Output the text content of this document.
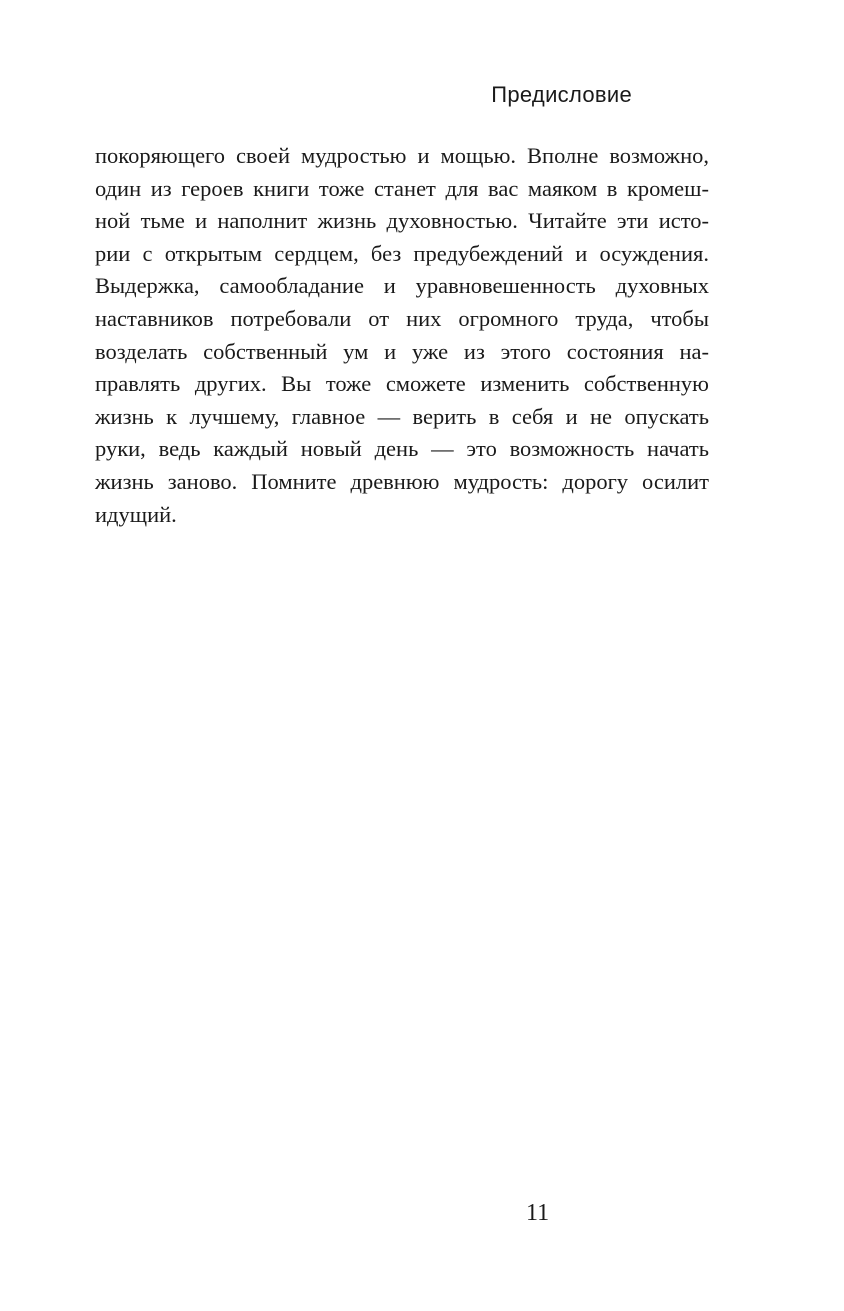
Предисловие
покоряющего своей мудростью и мощью. Вполне возможно,
один из героев книги тоже станет для вас маяком в кромеш-
ной тьме и наполнит жизнь духовностью. Читайте эти исто-
рии с открытым сердцем, без предубеждений и осуждения.
Выдержка, самообладание и уравновешенность духовных
наставников потребовали от них огромного труда, чтобы
возделать собственный ум и уже из этого состояния на-
правлять других. Вы тоже сможете изменить собственную
жизнь к лучшему, главное — верить в себя и не опускать
руки, ведь каждый новый день — это возможность начать
жизнь заново. Помните древнюю мудрость: дорогу осилит
идущий.
11
